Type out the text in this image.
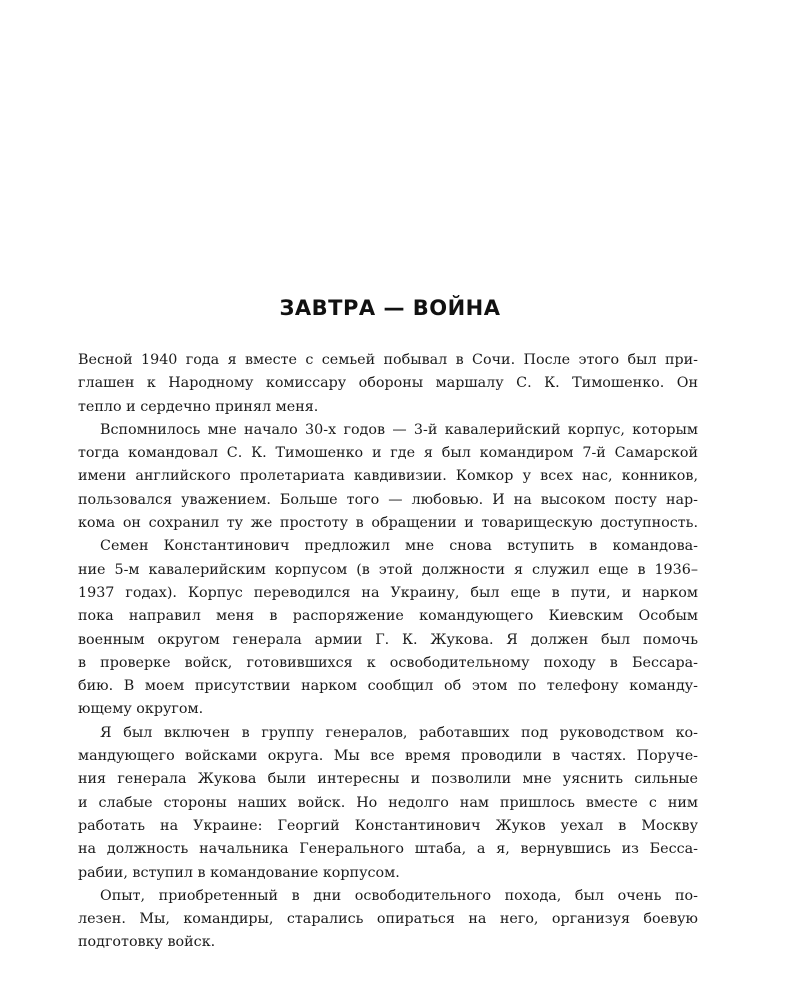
ЗАВТРА — ВОЙНА
Весной 1940 года я вместе с семьей побывал в Сочи. После этого был при-
глашен к Народному комиссару обороны маршалу С. К. Тимошенко. Он
тепло и сердечно принял меня.
Вспомнилось мне начало 30-х годов — 3-й кавалерийский корпус, которым
тогда командовал С. К. Тимошенко и где я был командиром 7-й Самарской
имени английского пролетариата кавдивизии. Комкор у всех нас, конников,
пользовался уважением. Больше того — любовью. И на высоком посту нар-
кома он сохранил ту же простоту в обращении и товарищескую доступность.
Семен Константинович предложил мне снова вступить в командова-
ние 5-м кавалерийским корпусом (в этой должности я служил еще в 1936–
1937 годах). Корпус переводился на Украину, был еще в пути, и нарком
пока направил меня в распоряжение командующего Киевским Особым
военным округом генерала армии Г. К. Жукова. Я должен был помочь
в проверке войск, готовившихся к освободительному походу в Бессара-
бию. В моем присутствии нарком сообщил об этом по телефону команду-
ющему округом.
Я был включен в группу генералов, работавших под руководством ко-
мандующего войсками округа. Мы все время проводили в частях. Поруче-
ния генерала Жукова были интересны и позволили мне уяснить сильные
и слабые стороны наших войск. Но недолго нам пришлось вместе с ним
работать на Украине: Георгий Константинович Жуков уехал в Москву
на должность начальника Генерального штаба, а я, вернувшись из Бесса-
рабии, вступил в командование корпусом.
Опыт, приобретенный в дни освободительного похода, был очень по-
лезен. Мы, командиры, старались опираться на него, организуя боевую
подготовку войск.
